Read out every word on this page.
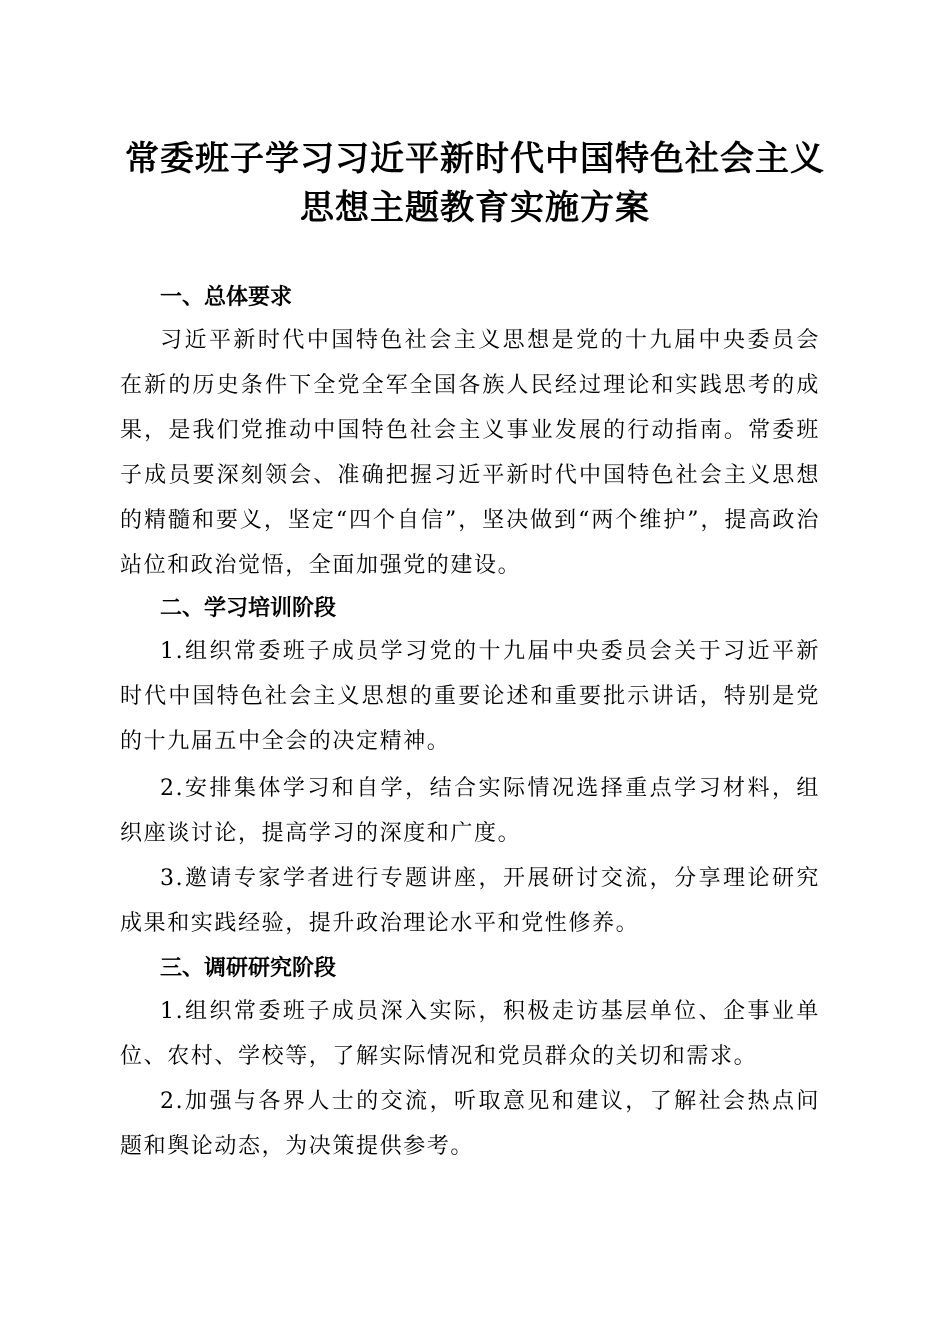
常委班子学习习近平新时代中国特色社会主义
思想主题教育实施方案
一、总体要求

习近平新时代中国特色社会主义思想是党的十九届中央委员会在新的历史条件下全党全军全国各族人民经过理论和实践思考的成果，是我们党推动中国特色社会主义事业发展的行动指南。常委班子成员要深刻领会、准确把握习近平新时代中国特色社会主义思想的精髓和要义，坚定“四个自信”，坚决做到“两个维护”，提高政治站位和政治觉悟，全面加强党的建设。

二、学习培训阶段

1.组织常委班子成员学习党的十九届中央委员会关于习近平新时代中国特色社会主义思想的重要论述和重要批示讲话，特别是党的十九届五中全会的决定精神。

2.安排集体学习和自学，结合实际情况选择重点学习材料，组织座谈讨论，提高学习的深度和广度。

3.邀请专家学者进行专题讲座，开展研讨交流，分享理论研究成果和实践经验，提升政治理论水平和党性修养。

三、调研研究阶段

1.组织常委班子成员深入实际，积极走访基层单位、企事业单位、农村、学校等，了解实际情况和党员群众的关切和需求。

2.加强与各界人士的交流，听取意见和建议，了解社会热点问题和舆论动态，为决策提供参考。
